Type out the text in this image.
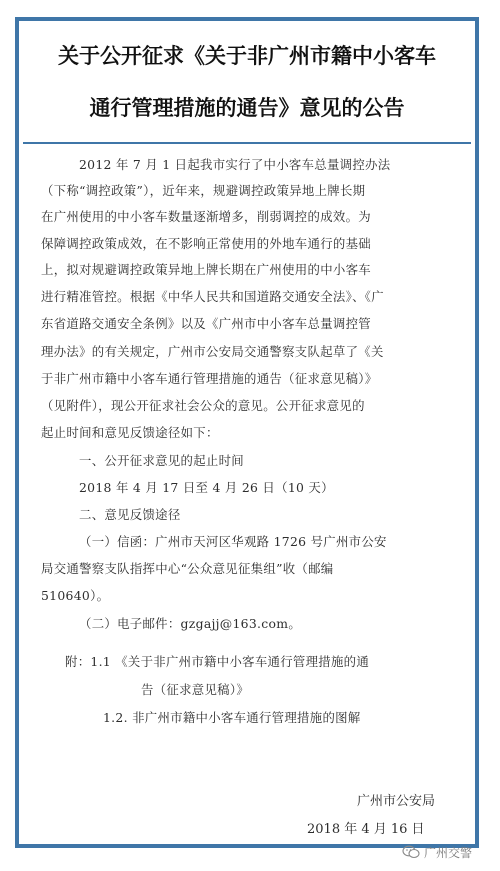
关于公开征求《关于非广州市籍中小客车
通行管理措施的通告》意见的公告
2012 年 7 月 1 日起我市实行了中小客车总量调控办法
（下称“调控政策”），近年来，规避调控政策异地上牌长期
在广州使用的中小客车数量逐渐增多，削弱调控的成效。为
保障调控政策成效，在不影响正常使用的外地车通行的基础
上，拟对规避调控政策异地上牌长期在广州使用的中小客车
进行精准管控。根据《中华人民共和国道路交通安全法》、《广
东省道路交通安全条例》以及《广州市中小客车总量调控管
理办法》的有关规定，广州市公安局交通警察支队起草了《关
于非广州市籍中小客车通行管理措施的通告（征求意见稿）》
（见附件），现公开征求社会公众的意见。公开征求意见的
起止时间和意见反馈途径如下：
一、公开征求意见的起止时间
2018 年 4 月 17 日至 4 月 26 日（10 天）
二、意见反馈途径
（一）信函：广州市天河区华观路 1726 号广州市公安
局交通警察支队指挥中心“公众意见征集组”收（邮编
510640）。
（二）电子邮件：gzgajj@163.com。
附：1.1 《关于非广州市籍中小客车通行管理措施的通
告（征求意见稿）》
1.2. 非广州市籍中小客车通行管理措施的图解
广州市公安局
2018 年 4 月 16 日
广州交警
